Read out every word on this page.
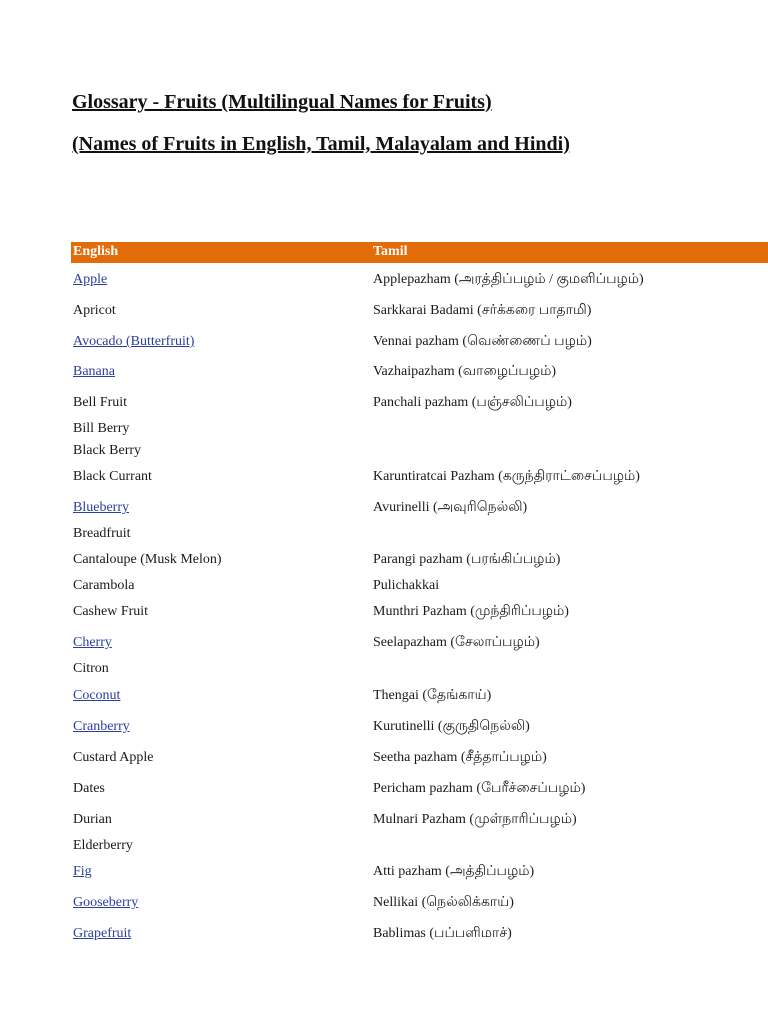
Glossary - Fruits (Multilingual Names for Fruits)
(Names of Fruits in English, Tamil, Malayalam and Hindi)
English	Tamil
Apple	Applepazham (அரத்திப்பழம் / குமளிப்பழம்)
Apricot	Sarkkarai Badami (சர்க்கரை பாதாமி)
Avocado (Butterfruit)	Vennai pazham (வெண்ணைப் பழம்)
Banana	Vazhaipazham (வாழைப்பழம்)
Bell Fruit	Panchali pazham (பஞ்சலிப்பழம்)
Bill Berry
Black Berry
Black Currant	Karuntiratcai Pazham (கருந்திராட்சைப்பழம்)
Blueberry	Avurinelli (அவுரிநெல்லி)
Breadfruit
Cantaloupe (Musk Melon)	Parangi pazham (பரங்கிப்பழம்)
Carambola	Pulichakkai
Cashew Fruit	Munthri Pazham (முந்திரிப்பழம்)
Cherry	Seelapazham (சேலாப்பழம்)
Citron
Coconut	Thengai (தேங்காய்)
Cranberry	Kurutinelli (குருதிநெல்லி)
Custard Apple	Seetha pazham (சீத்தாப்பழம்)
Dates	Pericham pazham (பேரீச்சைப்பழம்)
Durian	Mulnari Pazham (முள்நாரிப்பழம்)
Elderberry
Fig	Atti pazham (அத்திப்பழம்)
Gooseberry	Nellikai (நெல்லிக்காய்)
Grapefruit	Bablimas (பப்பளிமாச்)
